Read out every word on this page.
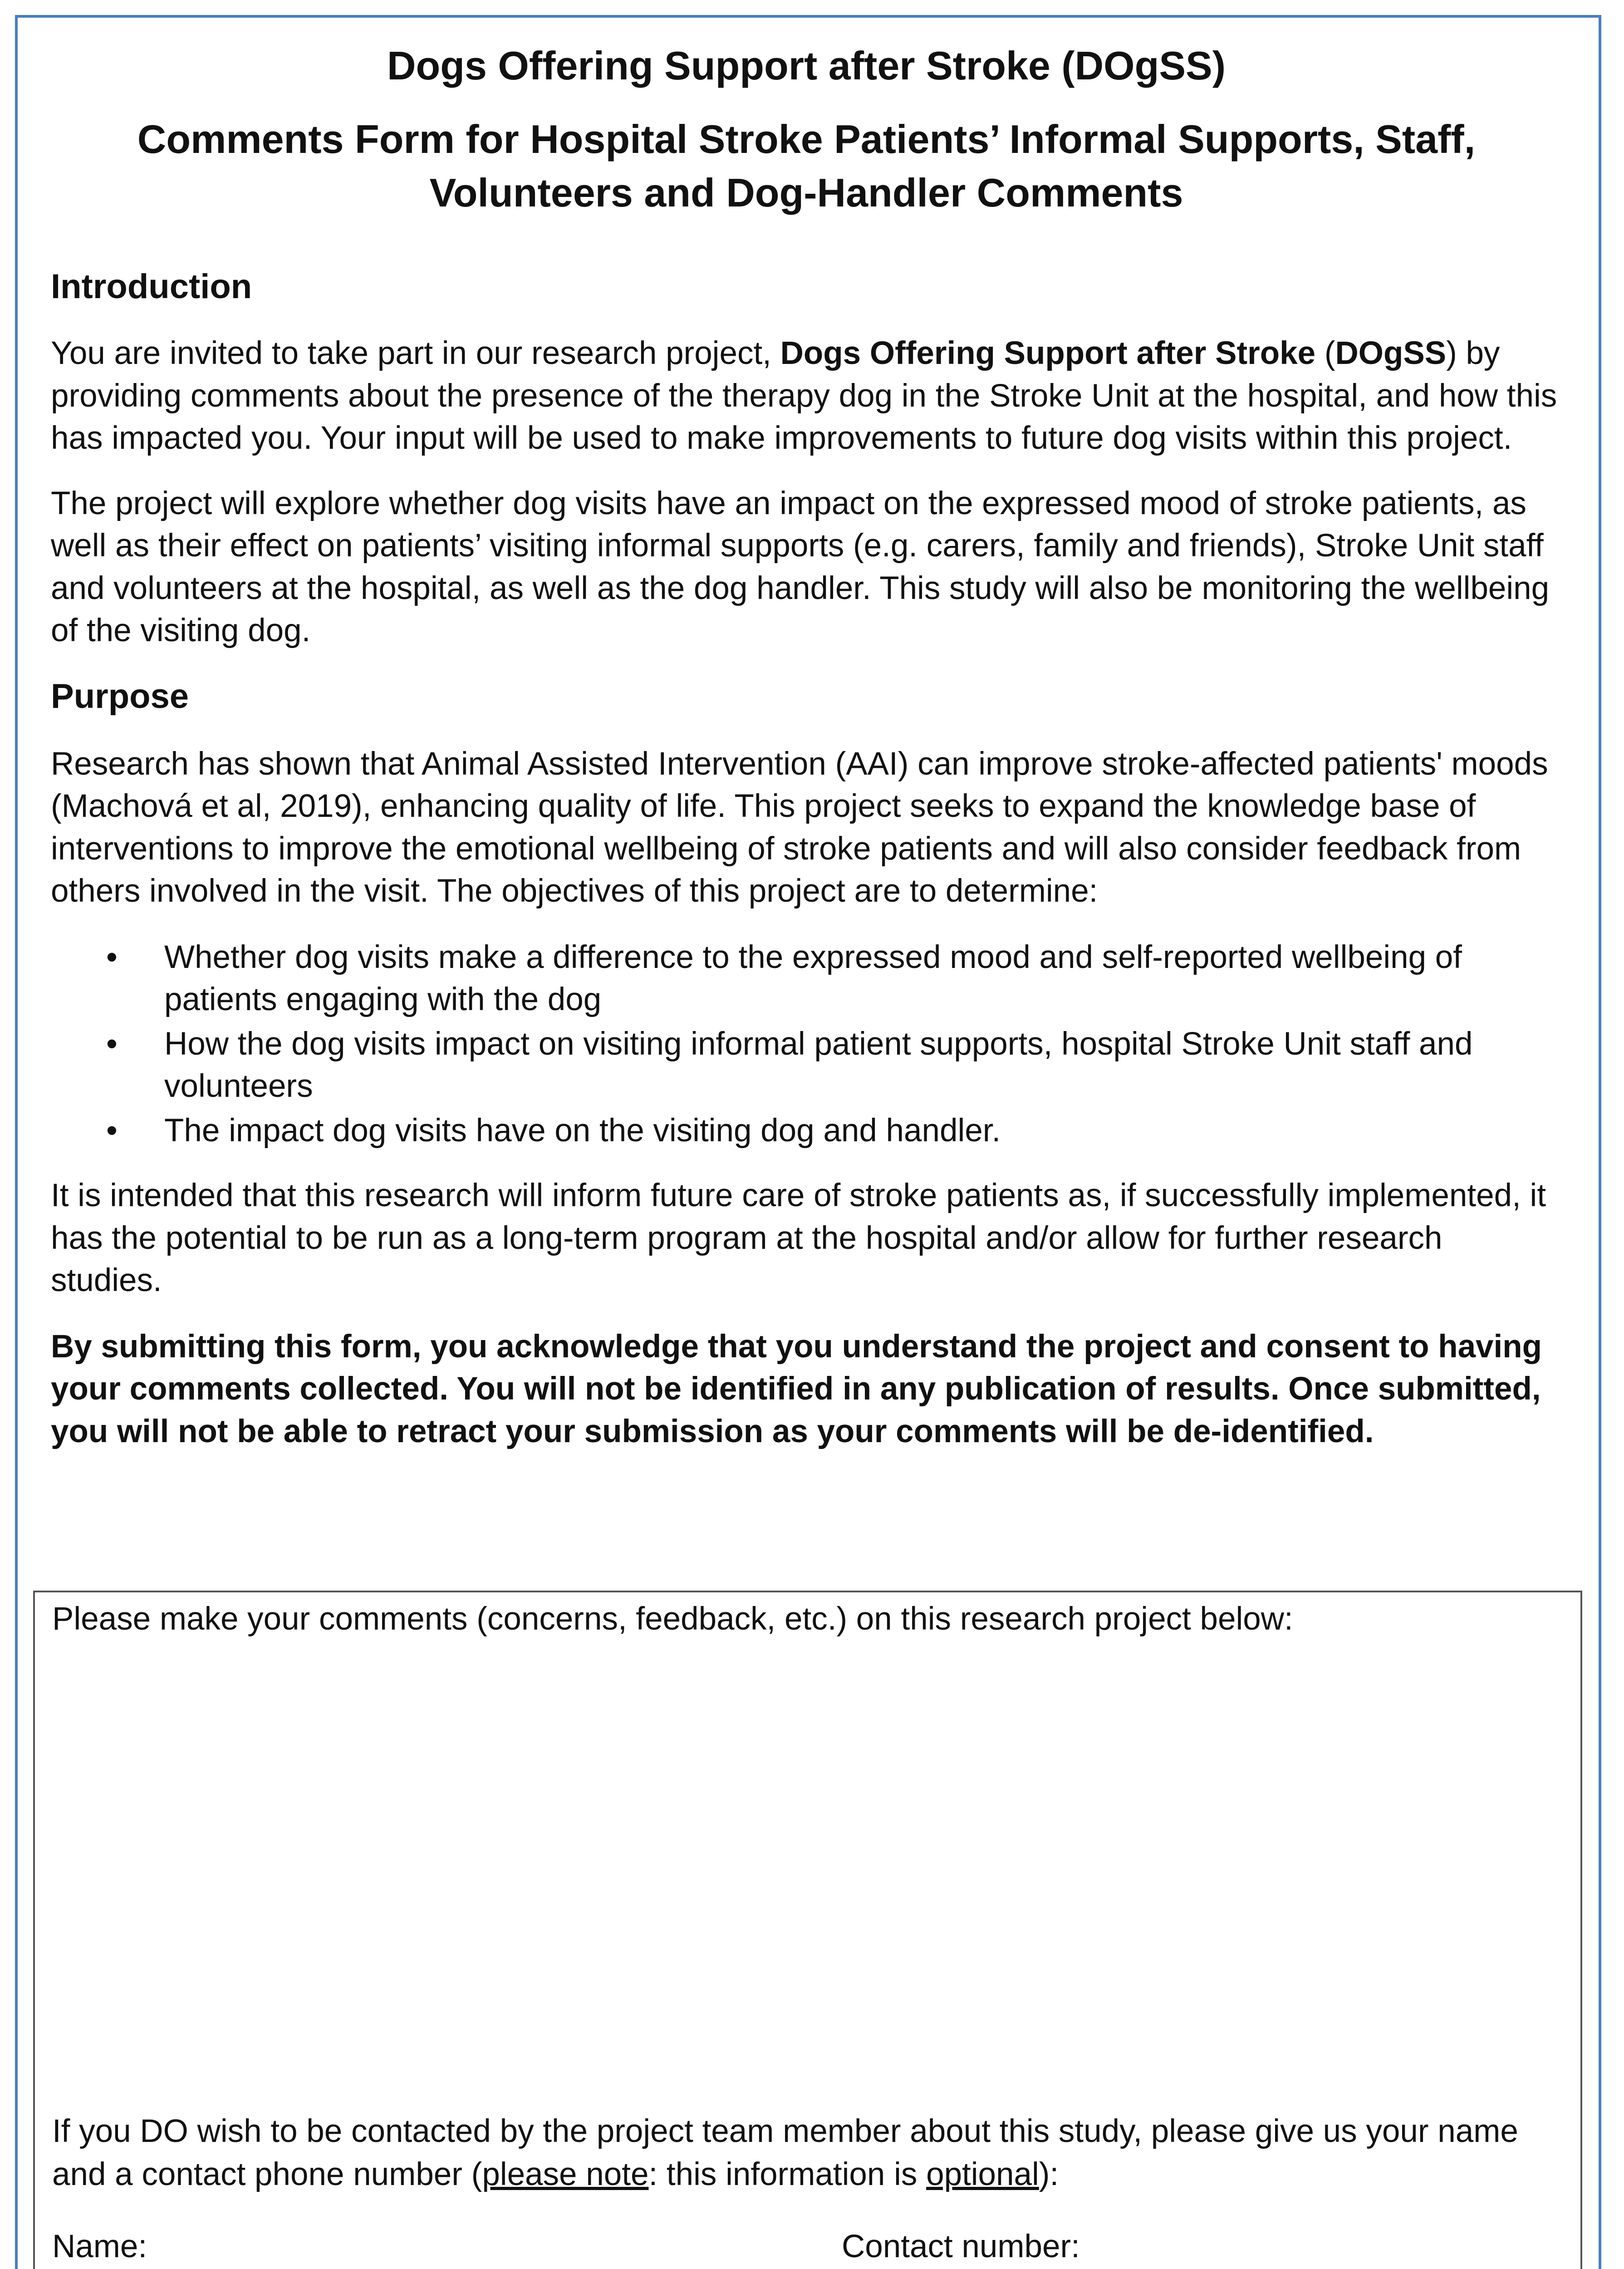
Dogs Offering Support after Stroke (DOgSS)
Comments Form for Hospital Stroke Patients’ Informal Supports, Staff, Volunteers and Dog-Handler Comments
Introduction

You are invited to take part in our research project, Dogs Offering Support after Stroke (DOgSS) by providing comments about the presence of the therapy dog in the Stroke Unit at the hospital, and how this has impacted you. Your input will be used to make improvements to future dog visits within this project.

The project will explore whether dog visits have an impact on the expressed mood of stroke patients, as well as their effect on patients’ visiting informal supports (e.g. carers, family and friends), Stroke Unit staff and volunteers at the hospital, as well as the dog handler. This study will also be monitoring the wellbeing of the visiting dog.

Purpose

Research has shown that Animal Assisted Intervention (AAI) can improve stroke-affected patients' moods (Machová et al, 2019), enhancing quality of life. This project seeks to expand the knowledge base of interventions to improve the emotional wellbeing of stroke patients and will also consider feedback from others involved in the visit. The objectives of this project are to determine:

• Whether dog visits make a difference to the expressed mood and self-reported wellbeing of patients engaging with the dog
• How the dog visits impact on visiting informal patient supports, hospital Stroke Unit staff and volunteers
• The impact dog visits have on the visiting dog and handler.

It is intended that this research will inform future care of stroke patients as, if successfully implemented, it has the potential to be run as a long-term program at the hospital and/or allow for further research studies.

By submitting this form, you acknowledge that you understand the project and consent to having your comments collected. You will not be identified in any publication of results. Once submitted, you will not be able to retract your submission as your comments will be de-identified.

Please make your comments (concerns, feedback, etc.) on this research project below:
If you DO wish to be contacted by the project team member about this study, please give us your name and a contact phone number (please note: this information is optional):
Name:	Contact number:
